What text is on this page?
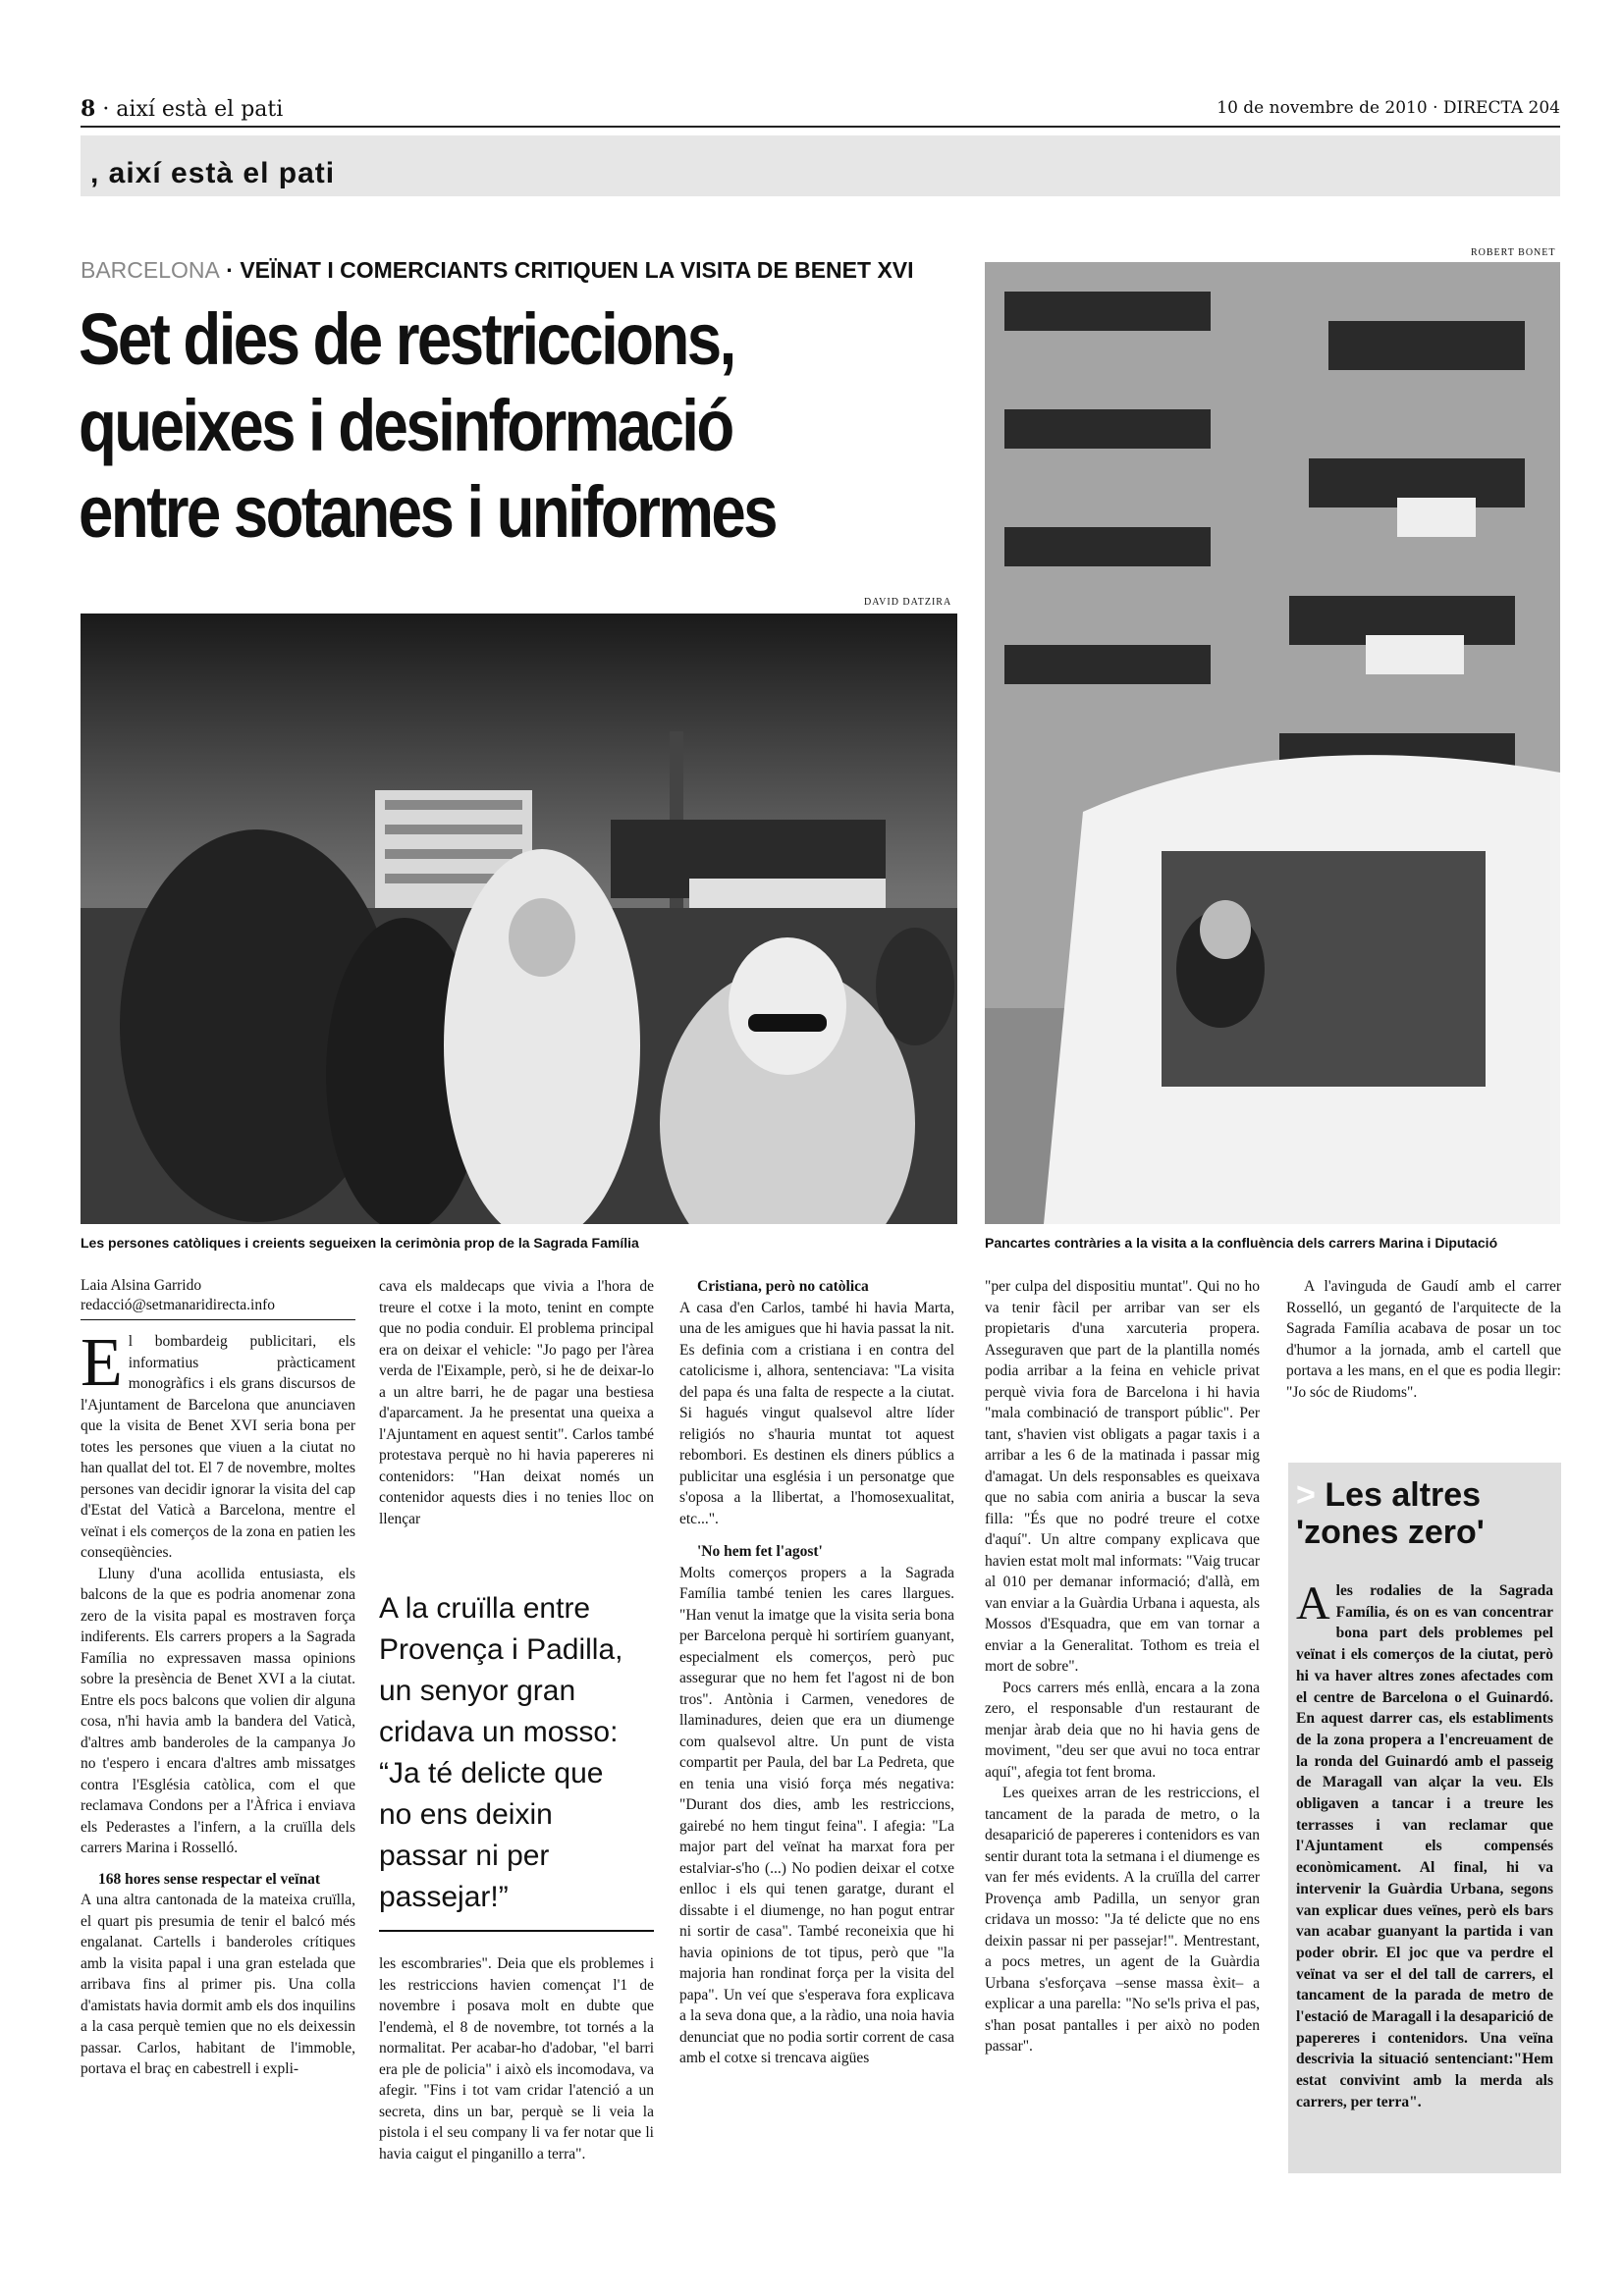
8 · així està el pati	10 de novembre de 2010 · DIRECTA 204
, així està el pati
BARCELONA · VEÏNAT I COMERCIANTS CRITIQUEN LA VISITA DE BENET XVI
Set dies de restriccions,
queixes i desinformació
entre sotanes i uniformes
DAVID DATZIRA
Les persones catòliques i creients segueixen la cerimònia prop de la Sagrada Família
ROBERT BONET
Pancartes contràries a la visita a la confluència dels carrers Marina i Diputació
Laia Alsina Garrido
redacció@setmanaridirecta.info
E l bombardeig publicitari, els informatius pràcticament monogràfics i els grans discursos de l'Ajuntament de Barcelona que anunciaven que la visita de Benet XVI seria bona per totes les persones que viuen a la ciutat no han quallat del tot. El 7 de novembre, moltes persones van decidir ignorar la visita del cap d'Estat del Vaticà a Barcelona, mentre el veïnat i els comerços de la zona en patien les conseqüències.

Lluny d'una acollida entusiasta, els balcons de la que es podria anomenar zona zero de la visita papal es mostraven força indiferents. Els carrers propers a la Sagrada Família no expressaven massa opinions sobre la presència de Benet XVI a la ciutat. Entre els pocs balcons que volien dir alguna cosa, n'hi havia amb la bandera del Vaticà, d'altres amb banderoles de la campanya Jo no t'espero i encara d'altres amb missatges contra l'Església catòlica, com el que reclamava Condons per a l'Àfrica i enviava els Pederastes a l'infern, a la cruïlla dels carrers Marina i Rosselló.

168 hores sense respectar el veïnat

A una altra cantonada de la mateixa cruïlla, el quart pis presumia de tenir el balcó més engalanat. Cartells i banderoles crítiques amb la visita papal i una gran estelada que arribava fins al primer pis. Una colla d'amistats havia dormit amb els dos inquilins a la casa perquè temien que no els deixessin passar. Carlos, habitant de l'immoble, portava el braç en cabestrell i expli-

cava els maldecaps que vivia a l'hora de treure el cotxe i la moto, tenint en compte que no podia conduir. El problema principal era on deixar el vehicle: "Jo pago per l'àrea verda de l'Eixample, però, si he de deixar-lo a un altre barri, he de pagar una bestiesa d'aparcament. Ja he presentat una queixa a l'Ajuntament en aquest sentit". Carlos també protestava perquè no hi havia papereres ni contenidors: "Han deixat només un contenidor aquests dies i no tenies lloc on llençar

A la cruïlla entre
Provença i Padilla,
un senyor gran
cridava un mosso:
“Ja té delicte que
no ens deixin
passar ni per
passejar!”

les escombraries". Deia que els problemes i les restriccions havien començat l'1 de novembre i posava molt en dubte que l'endemà, el 8 de novembre, tot tornés a la normalitat. Per acabar-ho d'adobar, "el barri era ple de policia" i això els incomodava, va afegir. "Fins i tot vam cridar l'atenció a un secreta, dins un bar, perquè se li veia la pistola i el seu company li va fer notar que li havia caigut el pinganillo a terra".

Cristiana, però no catòlica

A casa d'en Carlos, també hi havia Marta, una de les amigues que hi havia passat la nit. Es definia com a cristiana i en contra del catolicisme i, alhora, sentenciava: "La visita del papa és una falta de respecte a la ciutat. Si hagués vingut qualsevol altre líder religiós no s'hauria muntat tot aquest rebombori. Es destinen els diners públics a publicitar una església i un personatge que s'oposa a la llibertat, a l'homosexualitat, etc...".

'No hem fet l'agost'

Molts comerços propers a la Sagrada Família també tenien les cares llargues. "Han venut la imatge que la visita seria bona per Barcelona perquè hi sortiríem guanyant, especialment els comerços, però puc assegurar que no hem fet l'agost ni de bon tros". Antònia i Carmen, venedores de llaminadures, deien que era un diumenge com qualsevol altre. Un punt de vista compartit per Paula, del bar La Pedreta, que en tenia una visió força més negativa: "Durant dos dies, amb les restriccions, gairebé no hem tingut feina". I afegia: "La major part del veïnat ha marxat fora per estalviar-s'ho (...) No podien deixar el cotxe enlloc i els qui tenen garatge, durant el dissabte i el diumenge, no han pogut entrar ni sortir de casa". També reconeixia que hi havia opinions de tot tipus, però que "la majoria han rondinat força per la visita del papa". Un veí que s'esperava fora explicava a la seva dona que, a la ràdio, una noia havia denunciat que no podia sortir corrent de casa amb el cotxe si trencava aigües

"per culpa del dispositiu muntat". Qui no ho va tenir fàcil per arribar van ser els propietaris d'una xarcuteria propera. Asseguraven que part de la plantilla només podia arribar a la feina en vehicle privat perquè vivia fora de Barcelona i hi havia "mala combinació de transport públic". Per tant, s'havien vist obligats a pagar taxis i a arribar a les 6 de la matinada i passar mig d'amagat. Un dels responsables es queixava que no sabia com aniria a buscar la seva filla: "És que no podré treure el cotxe d'aquí". Un altre company explicava que havien estat molt mal informats: "Vaig trucar al 010 per demanar informació; d'allà, em van enviar a la Guàrdia Urbana i aquesta, als Mossos d'Esquadra, que em van tornar a enviar a la Generalitat. Tothom es treia el mort de sobre".

Pocs carrers més enllà, encara a la zona zero, el responsable d'un restaurant de menjar àrab deia que no hi havia gens de moviment, "deu ser que avui no toca entrar aquí", afegia tot fent broma.

Les queixes arran de les restriccions, el tancament de la parada de metro, o la desaparició de papereres i contenidors es van sentir durant tota la setmana i el diumenge es van fer més evidents. A la cruïlla del carrer Provença amb Padilla, un senyor gran cridava un mosso: "Ja té delicte que no ens deixin passar ni per passejar!". Mentrestant, a pocs metres, un agent de la Guàrdia Urbana s'esforçava –sense massa èxit– a explicar a una parella: "No se'ls priva el pas, s'han posat pantalles i per això no poden passar".

A l'avinguda de Gaudí amb el carrer Rosselló, un gegantó de l'arquitecte de la Sagrada Família acabava de posar un toc d'humor a la jornada, amb el cartell que portava a les mans, en el que es podia llegir: "Jo sóc de Riudoms".

> Les altres
'zones zero'
A les rodalies de la Sagrada Família, és on es van concentrar bona part dels problemes pel veïnat i els comerços de la ciutat, però hi va haver altres zones afectades com el centre de Barcelona o el Guinardó. En aquest darrer cas, els establiments de la zona propera a l'encreuament de la ronda del Guinardó amb el passeig de Maragall van alçar la veu. Els obligaven a tancar i a treure les terrasses i van reclamar que l'Ajuntament els compensés econòmicament. Al final, hi va intervenir la Guàrdia Urbana, segons van explicar dues veïnes, però els bars van acabar guanyant la partida i van poder obrir. El joc que va perdre el veïnat va ser el del tall de carrers, el tancament de la parada de metro de l'estació de Maragall i la desaparició de papereres i contenidors. Una veïna descrivia la situació sentenciant:"Hem estat convivint amb la merda als carrers, per terra".
